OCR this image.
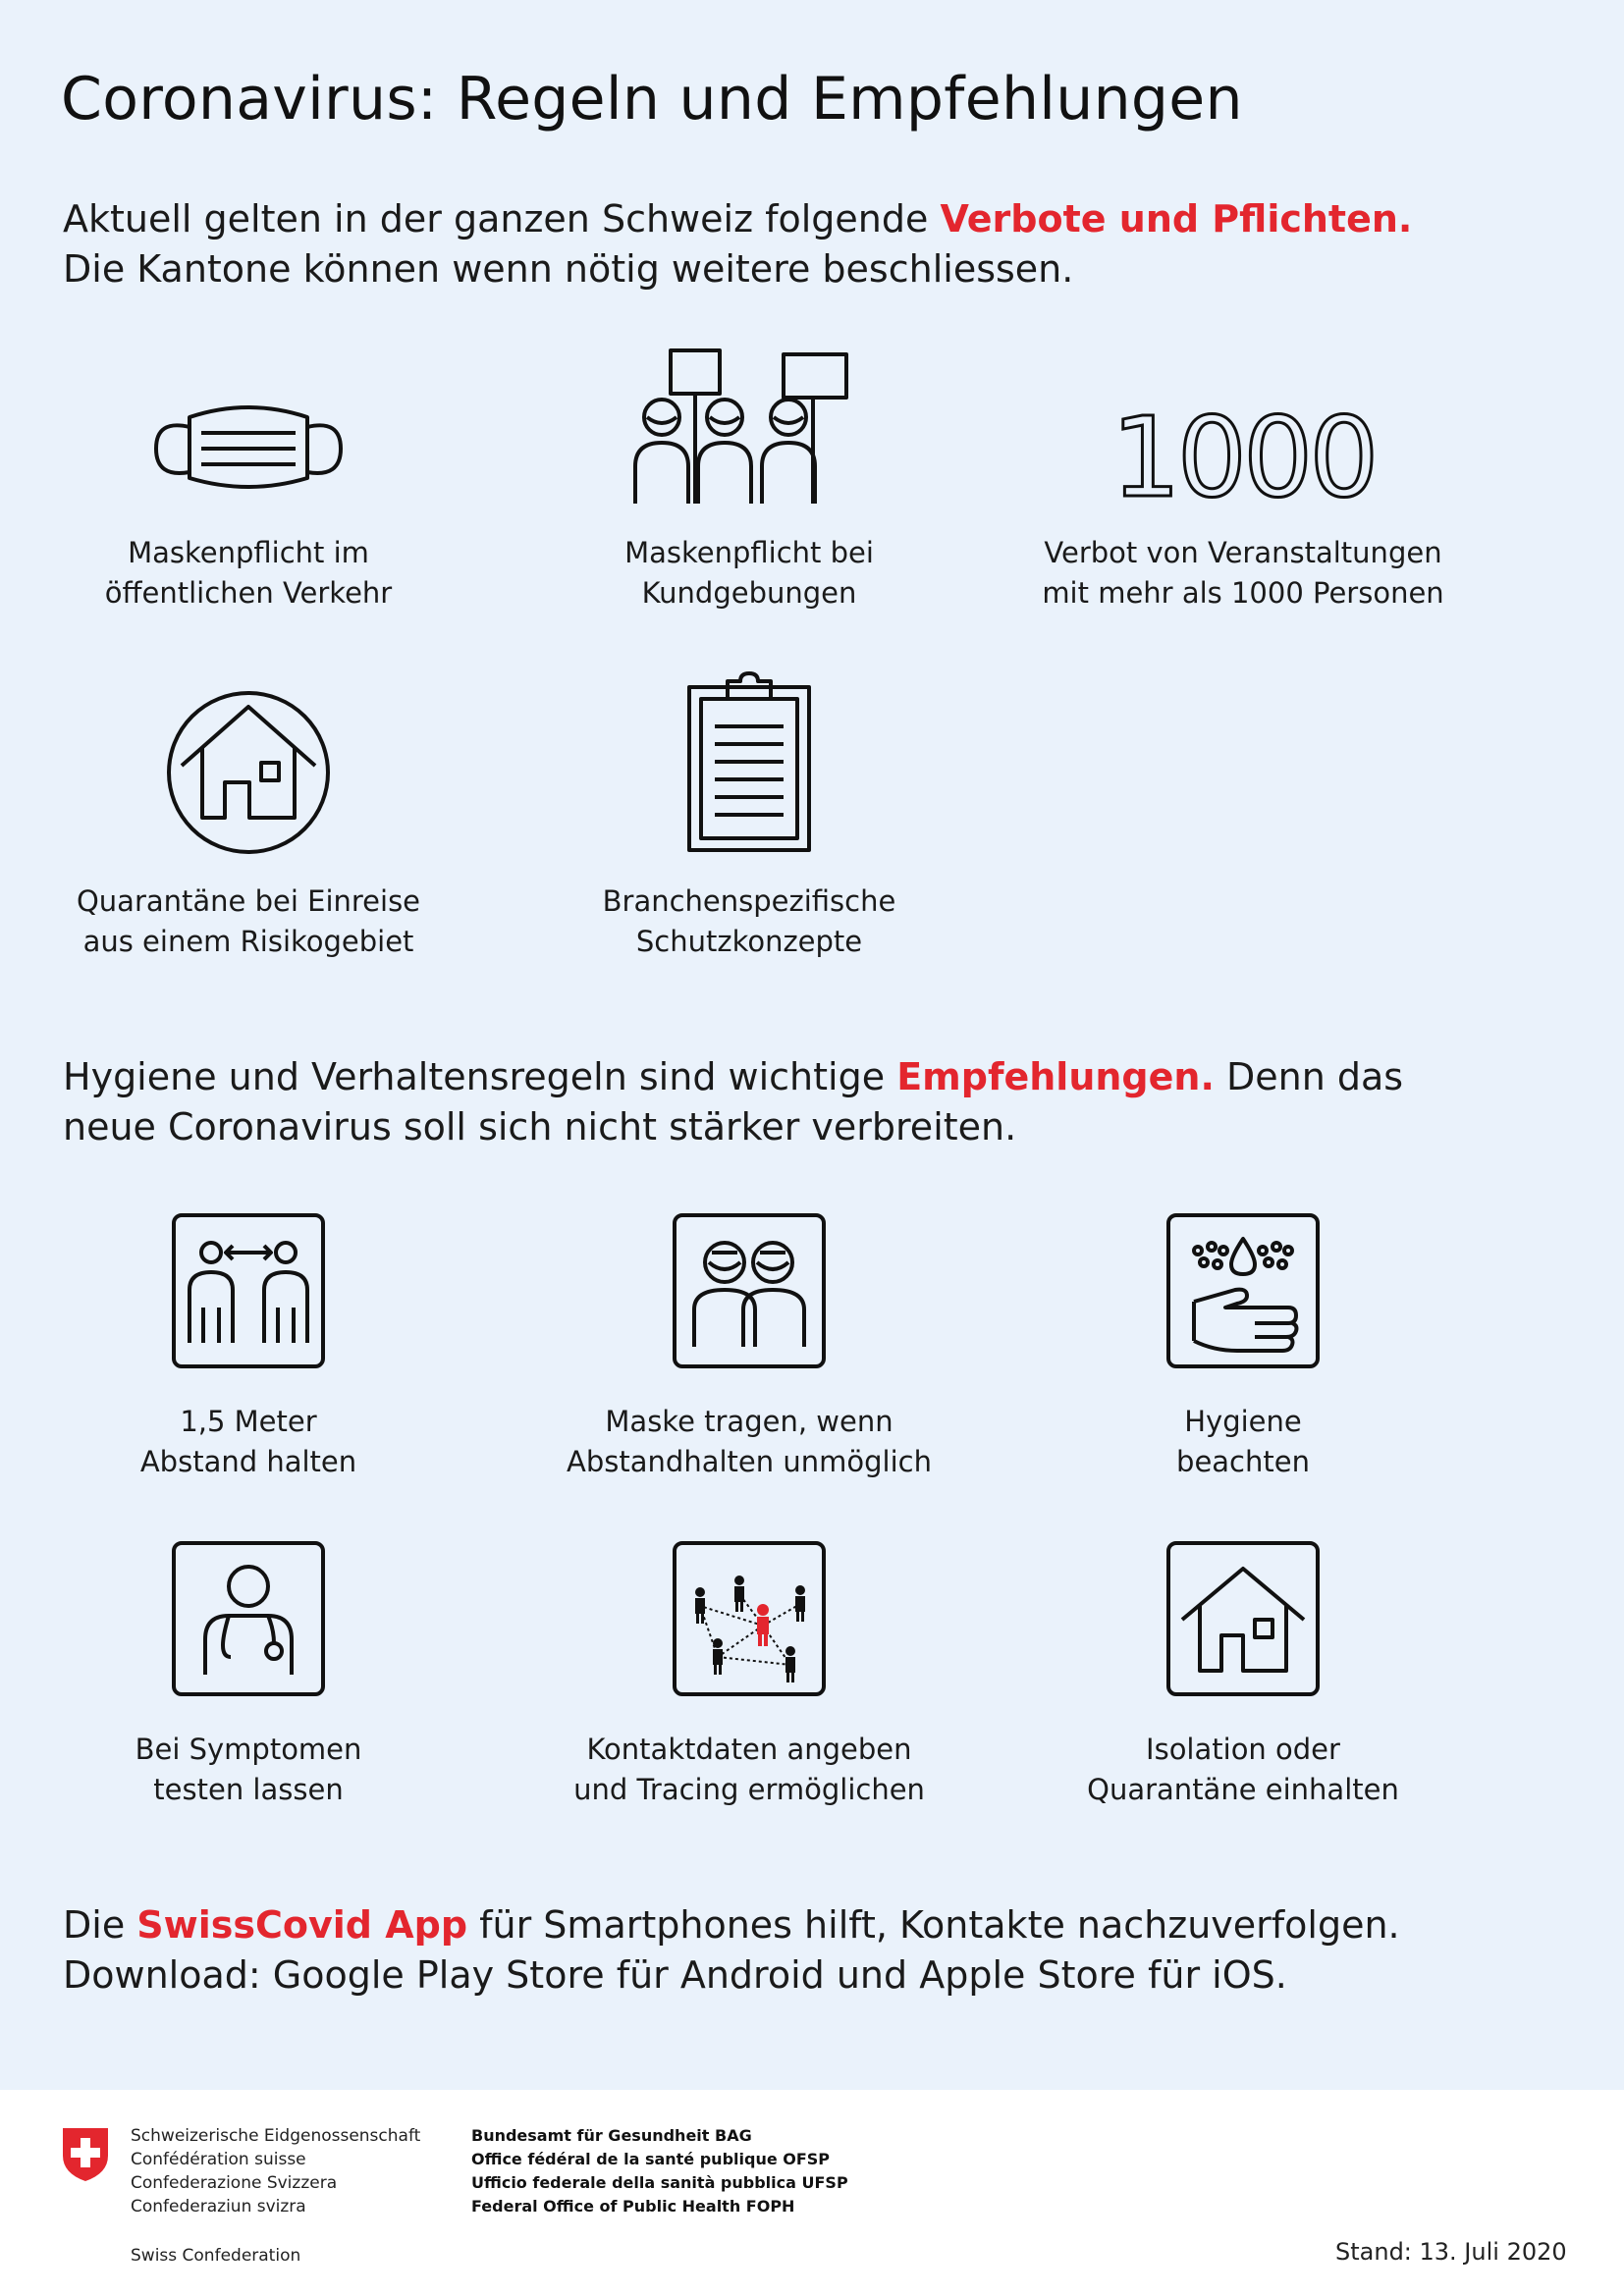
Coronavirus: Regeln und Empfehlungen

Aktuell gelten in der ganzen Schweiz folgende Verbote und Pflichten. Die Kantone können wenn nötig weitere beschliessen.

Maskenpflicht im
öffentlichen Verkehr
Maskenpflicht bei
Kundgebungen
1000
Verbot von Veranstaltungen
mit mehr als 1000 Personen
Quarantäne bei Einreise
aus einem Risikogebiet
Branchenspezifische
Schutzkonzepte

Hygiene und Verhaltensregeln sind wichtige Empfehlungen. Denn das neue Coronavirus soll sich nicht stärker verbreiten.

1,5 Meter
Abstand halten
Maske tragen, wenn
Abstandhalten unmöglich
Hygiene
beachten
Bei Symptomen
testen lassen
Kontaktdaten angeben
und Tracing ermöglichen
Isolation oder
Quarantäne einhalten

Die SwissCovid App für Smartphones hilft, Kontakte nachzuverfolgen.
Download: Google Play Store für Android und Apple Store für iOS.

Schweizerische Eidgenossenschaft
Confédération suisse
Confederazione Svizzera
Confederaziun svizra
Swiss Confederation
Bundesamt für Gesundheit BAG
Office fédéral de la santé publique OFSP
Ufficio federale della sanità pubblica UFSP
Federal Office of Public Health FOPH
Stand: 13. Juli 2020
